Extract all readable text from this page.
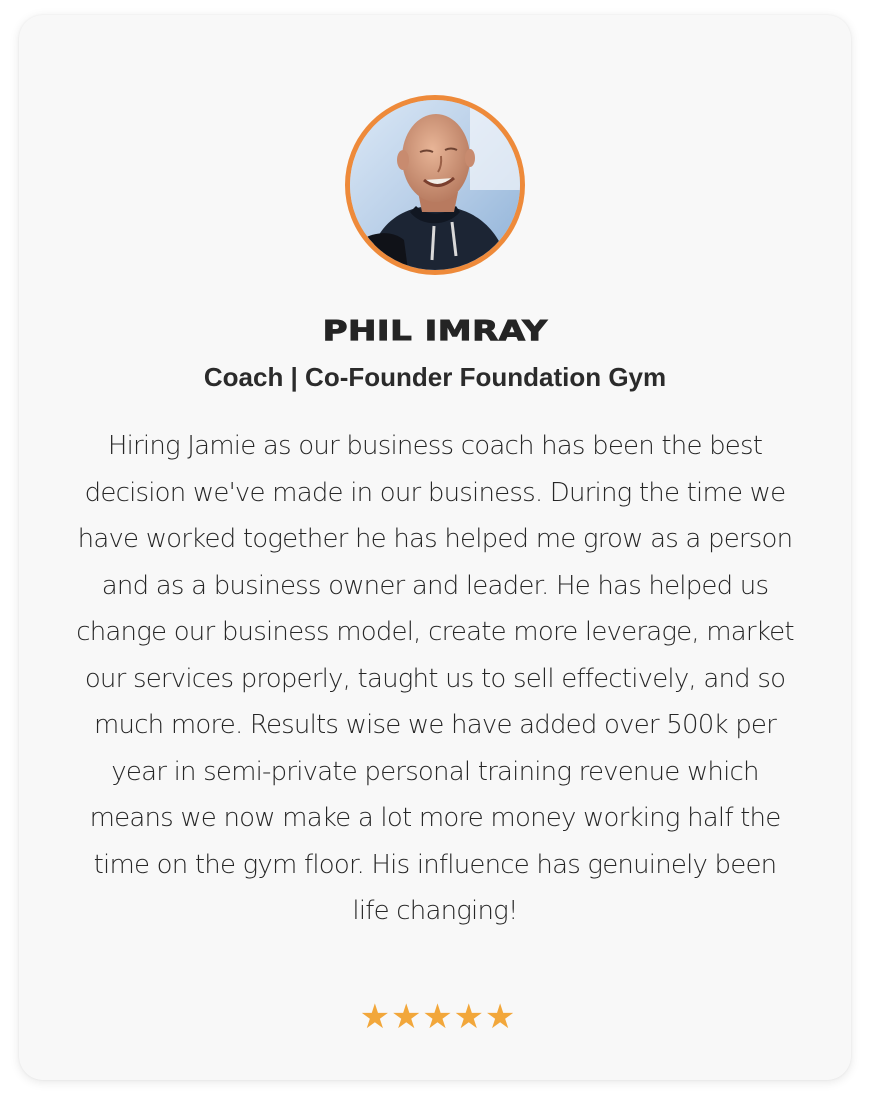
PHIL IMRAY
Coach | Co-Founder Foundation Gym

Hiring Jamie as our business coach has been the best decision we've made in our business. During the time we have worked together he has helped me grow as a person and as a business owner and leader. He has helped us change our business model, create more leverage, market our services properly, taught us to sell effectively, and so much more. Results wise we have added over 500k per year in semi-private personal training revenue which means we now make a lot more money working half the time on the gym floor. His influence has genuinely been life changing!

★ ★ ★ ★ ★
